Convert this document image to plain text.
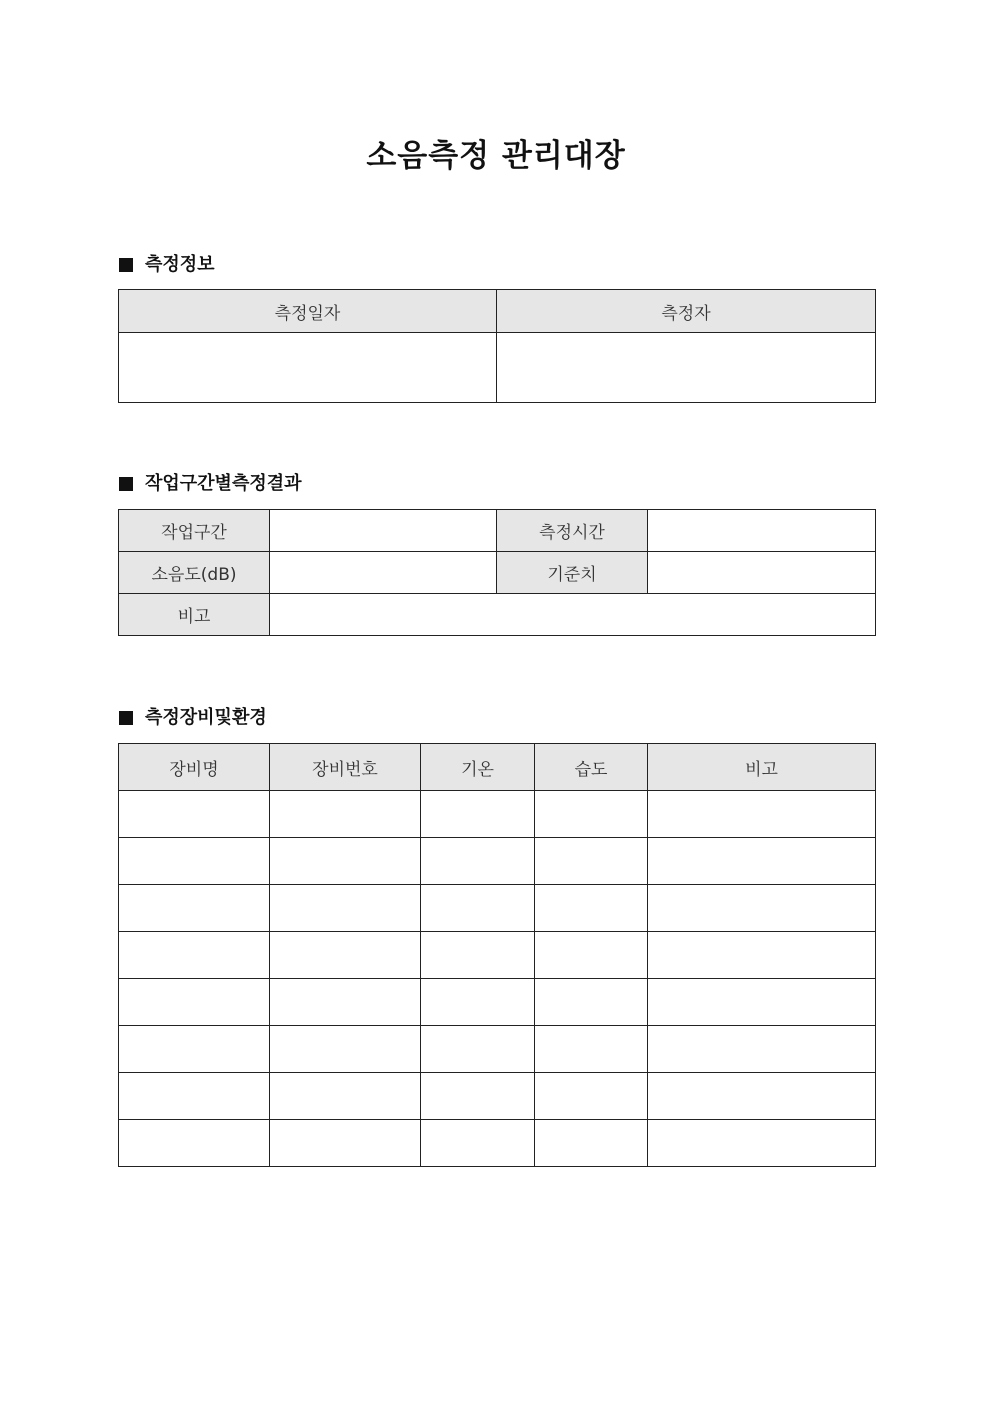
소음측정 관리대장
측정정보
측정일자	측정자

작업구간별측정결과
작업구간		측정시간	
소음도(dB)		기준치	
비고			
측정장비및환경
장비명	장비번호	기온	습도	비고
